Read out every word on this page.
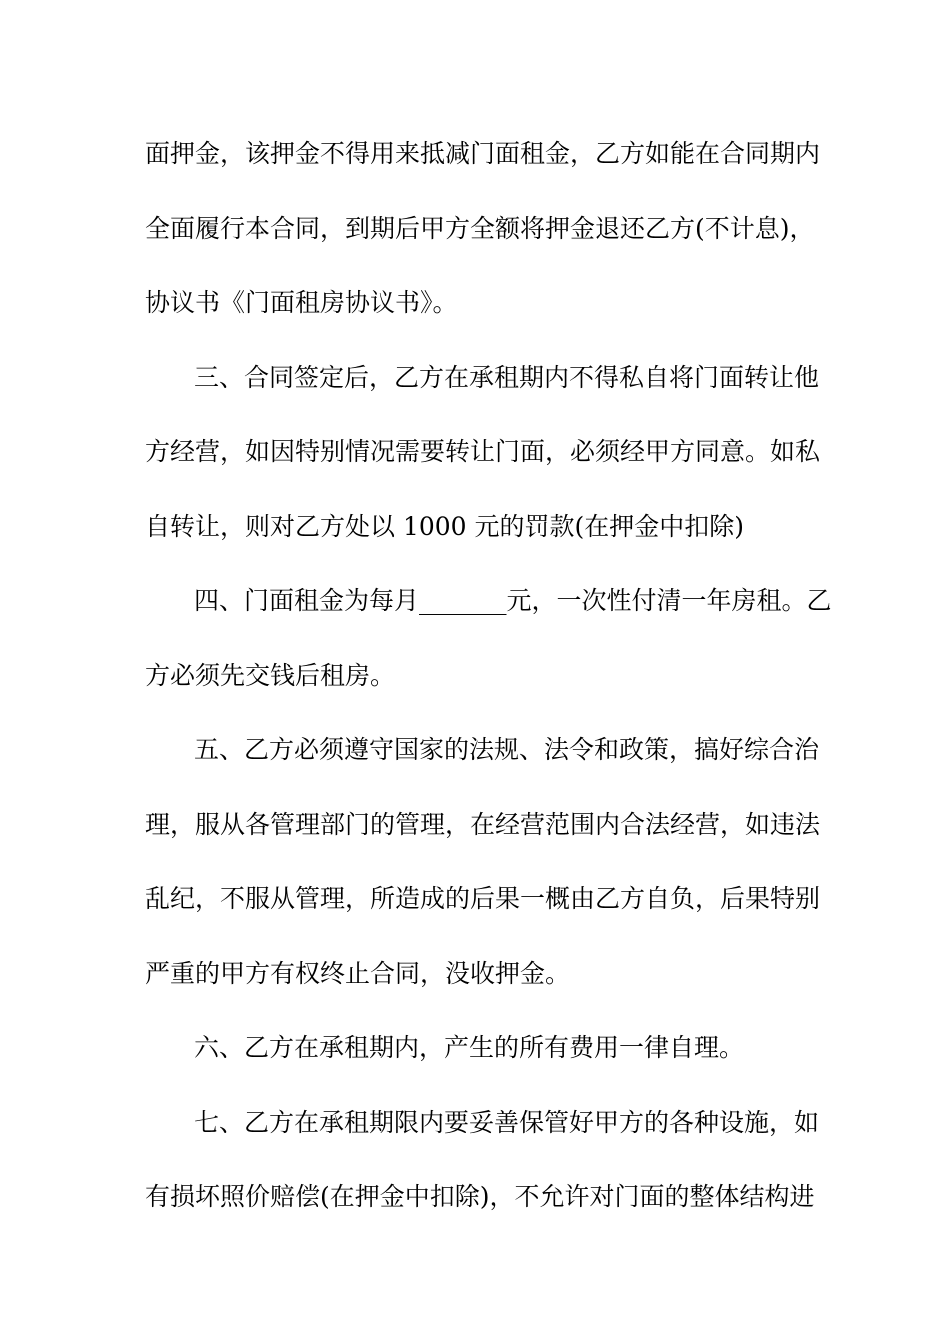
面押金，该押金不得用来抵减门面租金，乙方如能在合同期内
全面履行本合同，到期后甲方全额将押金退还乙方(不计息)，
协议书《门面租房协议书》。
三、合同签定后，乙方在承租期内不得私自将门面转让他
方经营，如因特别情况需要转让门面，必须经甲方同意。如私
自转让，则对乙方处以 1000 元的罚款(在押金中扣除)
四、门面租金为每月_______元，一次性付清一年房租。乙
方必须先交钱后租房。
五、乙方必须遵守国家的法规、法令和政策，搞好综合治
理，服从各管理部门的管理，在经营范围内合法经营，如违法
乱纪，不服从管理，所造成的后果一概由乙方自负，后果特别
严重的甲方有权终止合同，没收押金。
六、乙方在承租期内，产生的所有费用一律自理。
七、乙方在承租期限内要妥善保管好甲方的各种设施，如
有损坏照价赔偿(在押金中扣除)，不允许对门面的整体结构进
